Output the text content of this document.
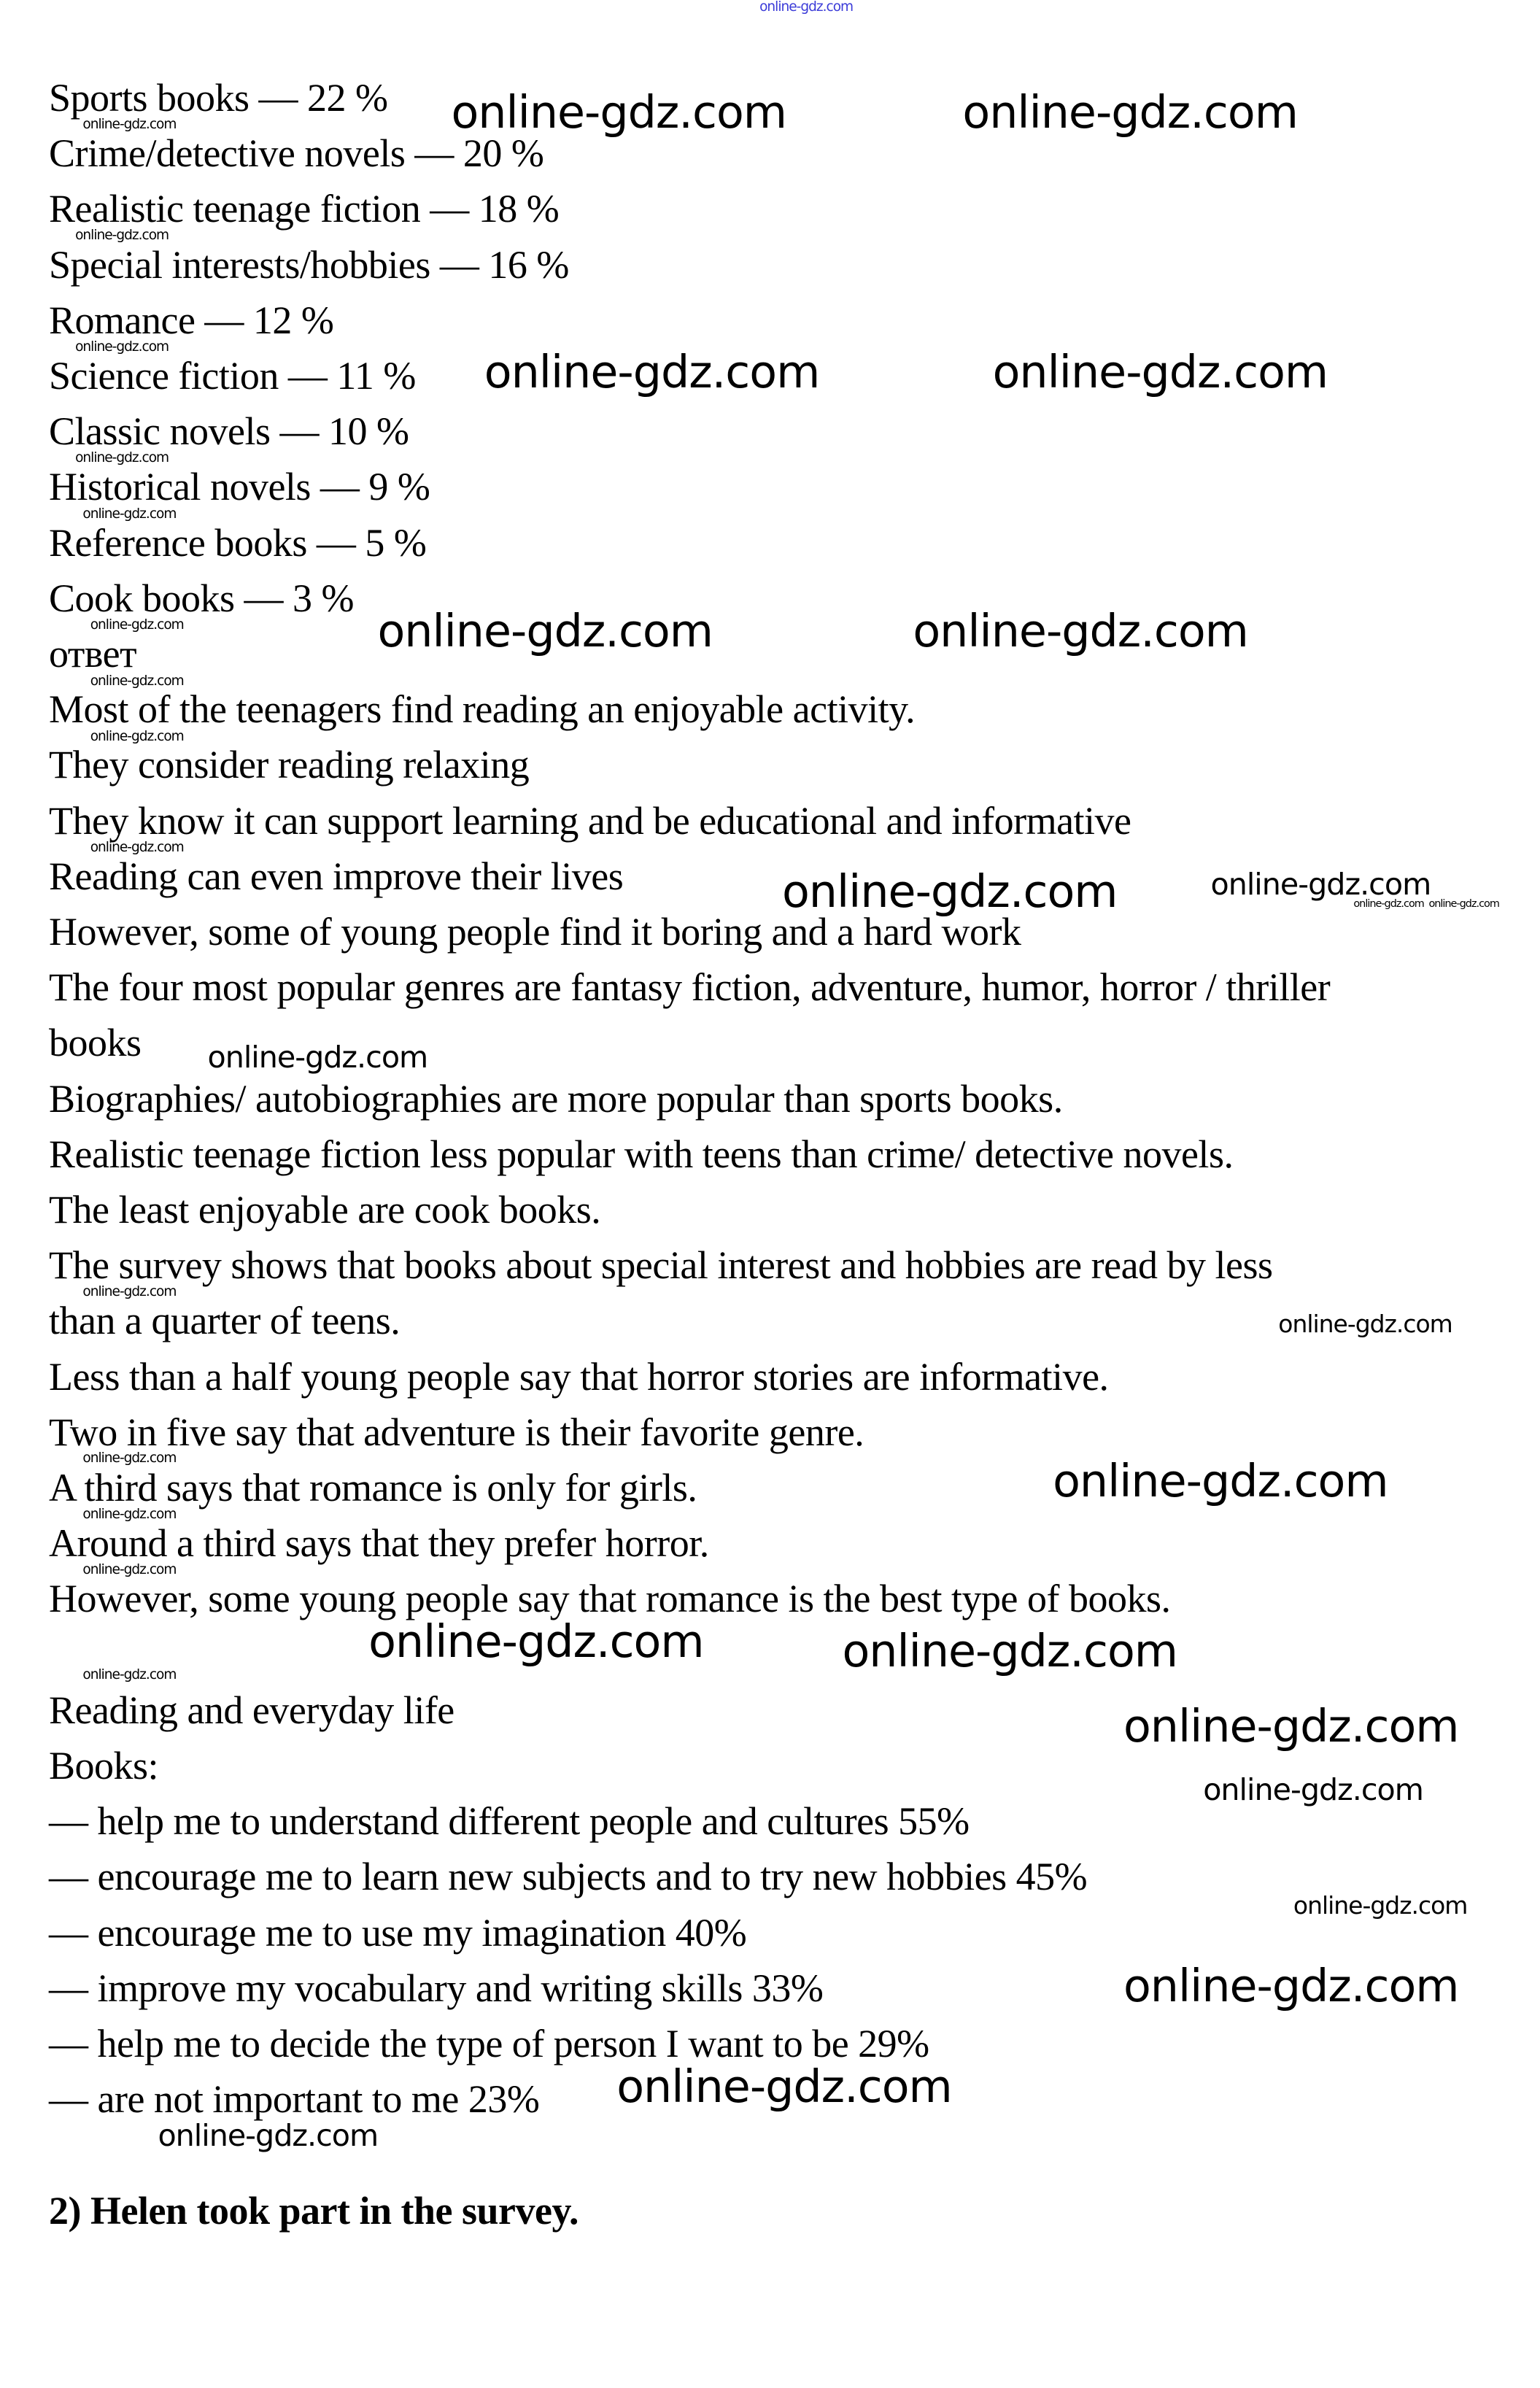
Sports books — 22 %
Crime/detective novels — 20 %
Realistic teenage fiction — 18 %
Special interests/hobbies — 16 %
Romance — 12 %
Science fiction — 11 %
Classic novels — 10 %
Historical novels — 9 %
Reference books — 5 %
Cook books — 3 %
ответ
Most of the teenagers find reading an enjoyable activity.
They consider reading relaxing
They know it can support learning and be educational and informative
Reading can even improve their lives
However, some of young people find it boring and a hard work
The four most popular genres are fantasy fiction, adventure, humor, horror / thriller
books
Biographies/ autobiographies are more popular than sports books.
Realistic teenage fiction less popular with teens than crime/ detective novels.
The least enjoyable are cook books.
The survey shows that books about special interest and hobbies are read by less
than a quarter of teens.
Less than a half young people say that horror stories are informative.
Two in five say that adventure is their favorite genre.
A third says that romance is only for girls.
Around a third says that they prefer horror.
However, some young people say that romance is the best type of books.
Reading and everyday life
Books:
— help me to understand different people and cultures 55%
— encourage me to learn new subjects and to try new hobbies 45%
— encourage me to use my imagination 40%
— improve my vocabulary and writing skills 33%
— help me to decide the type of person I want to be 29%
— are not important to me 23%
2) Helen took part in the survey.
online-gdz.com
online-gdz.com	online-gdz.com
online-gdz.com	online-gdz.com
online-gdz.com	online-gdz.com
online-gdz.com
online-gdz.com
online-gdz.com
online-gdz.com
online-gdz.com
online-gdz.com
online-gdz.com
online-gdz.com
online-gdz.com
online-gdz.com
online-gdz.com
online-gdz.com
online-gdz.com
online-gdz.com
online-gdz.com
online-gdz.com
online-gdz.com
online-gdz.com
online-gdz.com
online-gdz.com
online-gdz.com
online-gdz.com
online-gdz.com online-gdz.com
online-gdz.com
online-gdz.com
online-gdz.com
online-gdz.com
online-gdz.com
